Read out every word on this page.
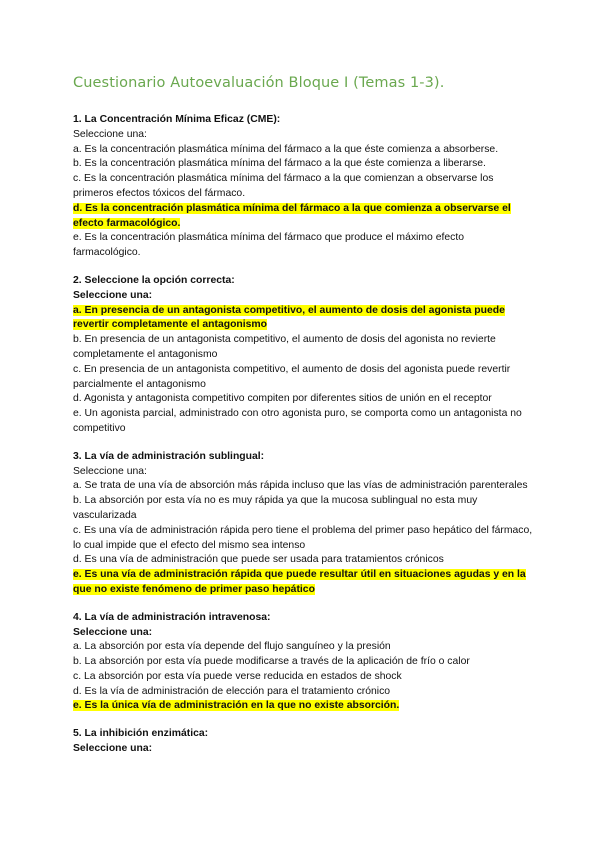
Cuestionario Autoevaluación Bloque I (Temas 1-3).
1. La Concentración Mínima Eficaz (CME):
Seleccione una:
a. Es la concentración plasmática mínima del fármaco a la que éste comienza a absorberse.
b. Es la concentración plasmática mínima del fármaco a la que éste comienza a liberarse.
c. Es la concentración plasmática mínima del fármaco a la que comienzan a observarse los primeros efectos tóxicos del fármaco.
d. Es la concentración plasmática mínima del fármaco a la que comienza a observarse el efecto farmacológico.
e. Es la concentración plasmática mínima del fármaco que produce el máximo efecto farmacológico.
2. Seleccione la opción correcta:
Seleccione una:
a. En presencia de un antagonista competitivo, el aumento de dosis del agonista puede revertir completamente el antagonismo
b. En presencia de un antagonista competitivo, el aumento de dosis del agonista no revierte completamente el antagonismo
c. En presencia de un antagonista competitivo, el aumento de dosis del agonista puede revertir parcialmente el antagonismo
d. Agonista y antagonista competitivo compiten por diferentes sitios de unión en el receptor
e. Un agonista parcial, administrado con otro agonista puro, se comporta como un antagonista no competitivo
3. La vía de administración sublingual:
Seleccione una:
a. Se trata de una vía de absorción más rápida incluso que las vías de administración parenterales
b. La absorción por esta vía no es muy rápida ya que la mucosa sublingual no esta muy vascularizada
c. Es una vía de administración rápida pero tiene el problema del primer paso hepático del fármaco, lo cual impide que el efecto del mismo sea intenso
d. Es una vía de administración que puede ser usada para tratamientos crónicos
e. Es una vía de administración rápida que puede resultar útil en situaciones agudas y en la que no existe fenómeno de primer paso hepático
4. La vía de administración intravenosa:
Seleccione una:
a. La absorción por esta vía depende del flujo sanguíneo y la presión
b. La absorción por esta vía puede modificarse a través de la aplicación de frío o calor
c. La absorción por esta vía puede verse reducida en estados de shock
d. Es la vía de administración de elección para el tratamiento crónico
e. Es la única vía de administración en la que no existe absorción.
5. La inhibición enzimática:
Seleccione una:
